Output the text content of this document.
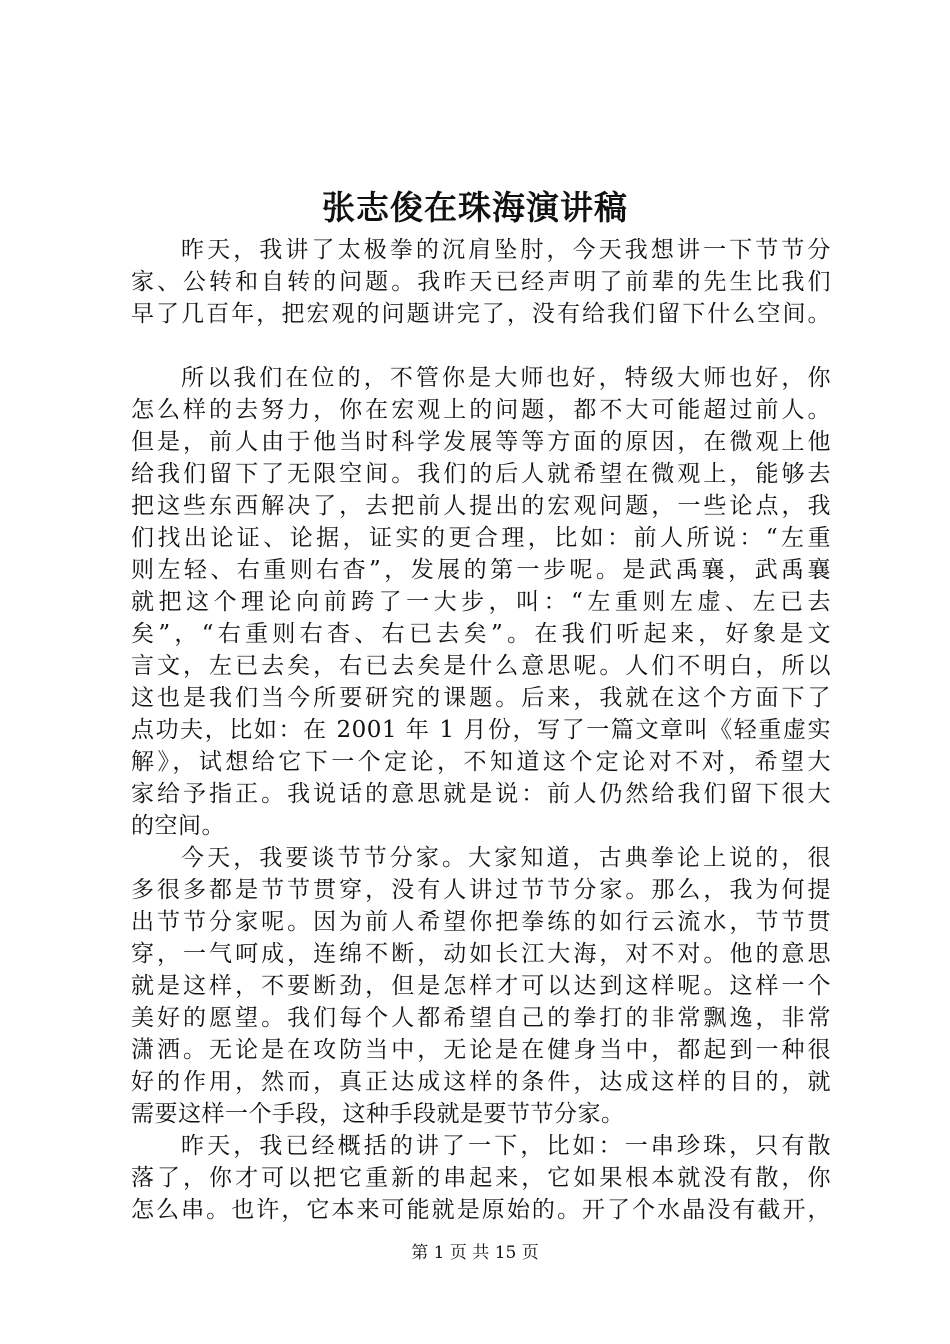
张志俊在珠海演讲稿
昨天，我讲了太极拳的沉肩坠肘，今天我想讲一下节节分
家、公转和自转的问题。我昨天已经声明了前辈的先生比我们
早了几百年，把宏观的问题讲完了，没有给我们留下什么空间。
所以我们在位的，不管你是大师也好，特级大师也好，你
怎么样的去努力，你在宏观上的问题，都不大可能超过前人。
但是，前人由于他当时科学发展等等方面的原因，在微观上他
给我们留下了无限空间。我们的后人就希望在微观上，能够去
把这些东西解决了，去把前人提出的宏观问题，一些论点，我
们找出论证、论据，证实的更合理，比如：前人所说：“左重
则左轻、右重则右杳”，发展的第一步呢。是武禹襄，武禹襄
就把这个理论向前跨了一大步，叫：“左重则左虚、左已去
矣”，“右重则右杳、右已去矣”。在我们听起来，好象是文
言文，左已去矣，右已去矣是什么意思呢。人们不明白，所以
这也是我们当今所要研究的课题。后来，我就在这个方面下了
点功夫，比如：在 2001 年 1 月份，写了一篇文章叫《轻重虚实
解》，试想给它下一个定论，不知道这个定论对不对，希望大
家给予指正。我说话的意思就是说：前人仍然给我们留下很大
的空间。
今天，我要谈节节分家。大家知道，古典拳论上说的，很
多很多都是节节贯穿，没有人讲过节节分家。那么，我为何提
出节节分家呢。因为前人希望你把拳练的如行云流水，节节贯
穿，一气呵成，连绵不断，动如长江大海，对不对。他的意思
就是这样，不要断劲，但是怎样才可以达到这样呢。这样一个
美好的愿望。我们每个人都希望自己的拳打的非常飘逸，非常
潇洒。无论是在攻防当中，无论是在健身当中，都起到一种很
好的作用，然而，真正达成这样的条件，达成这样的目的，就
需要这样一个手段，这种手段就是要节节分家。
昨天，我已经概括的讲了一下，比如：一串珍珠，只有散
落了，你才可以把它重新的串起来，它如果根本就没有散，你
怎么串。也许，它本来可能就是原始的。开了个水晶没有截开，
第 1 页 共 15 页
